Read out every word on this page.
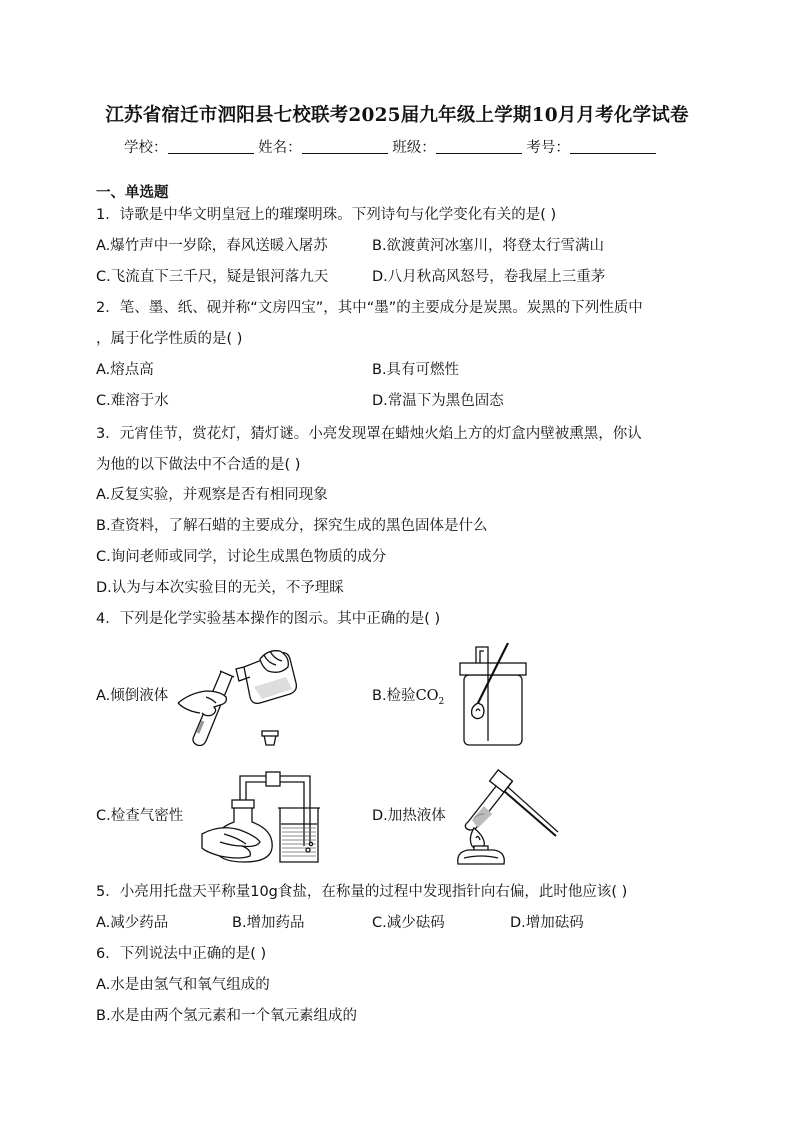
江苏省宿迁市泗阳县七校联考2025届九年级上学期10月月考化学试卷
学校：	姓名：	班级：	考号：
一、单选题
1．诗歌是中华文明皇冠上的璀璨明珠。下列诗句与化学变化有关的是( )
A.爆竹声中一岁除，春风送暖入屠苏	B.欲渡黄河冰塞川，将登太行雪满山
C.飞流直下三千尺，疑是银河落九天	D.八月秋高风怒号，卷我屋上三重茅
2．笔、墨、纸、砚并称“文房四宝”，其中“墨”的主要成分是炭黑。炭黑的下列性质中
，属于化学性质的是( )
A.熔点高	B.具有可燃性
C.难溶于水	D.常温下为黑色固态
3．元宵佳节，赏花灯，猜灯谜。小亮发现罩在蜡烛火焰上方的灯盒内壁被熏黑，你认
为他的以下做法中不合适的是( )
A.反复实验，并观察是否有相同现象
B.查资料，了解石蜡的主要成分，探究生成的黑色固体是什么
C.询问老师或同学，讨论生成黑色物质的成分
D.认为与本次实验目的无关，不予理睬
4．下列是化学实验基本操作的图示。其中正确的是( )
A.倾倒液体	B.检验$CO_2$
C.检查气密性	D.加热液体
5．小亮用托盘天平称量10g食盐，在称量的过程中发现指针向右偏，此时他应该( )
A.减少药品	B.增加药品	C.减少砝码	D.增加砝码
6．下列说法中正确的是( )
A.水是由氢气和氧气组成的
B.水是由两个氢元素和一个氧元素组成的
